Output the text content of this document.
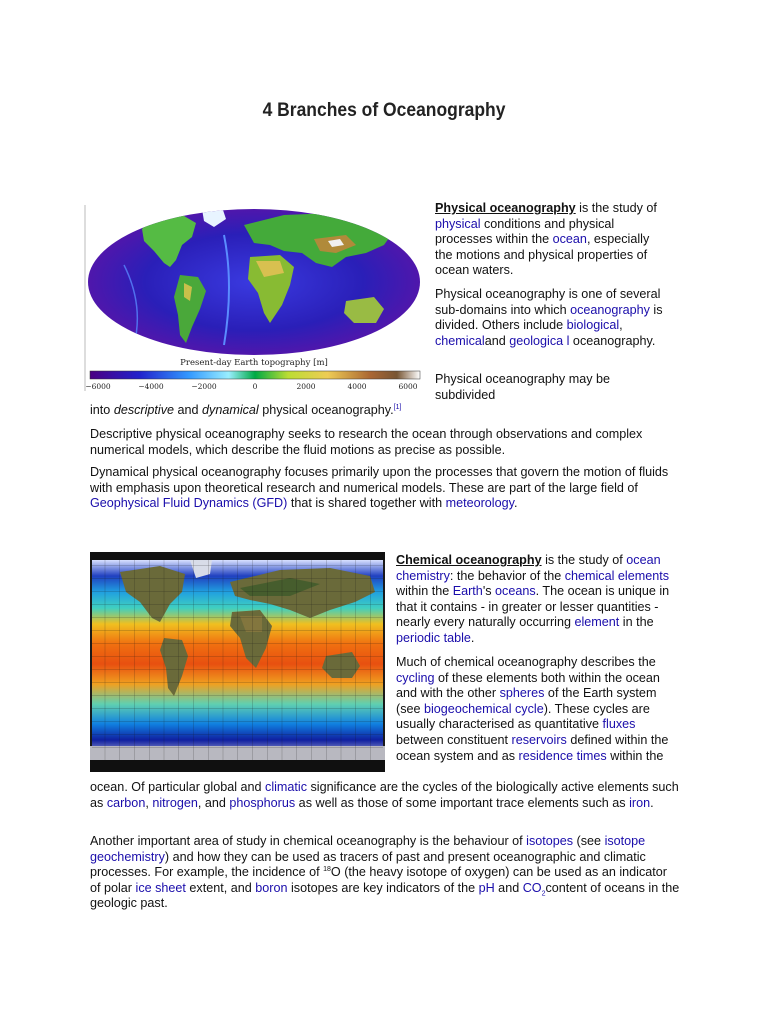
4 Branches of Oceanography
Present-day Earth topography [m]
−6000	−4000	−2000	0	2000	4000	6000

Physical oceanography is the study of physical conditions and physical processes within the ocean, especially the motions and physical properties of ocean waters.

Physical oceanography is one of several sub-domains into which oceanography is divided. Others include biological, chemicaland geologica l oceanography.

Physical oceanography may be subdivided

into descriptive and dynamical physical oceanography.[1]

Descriptive physical oceanography seeks to research the ocean through observations and complex numerical models, which describe the fluid motions as precise as possible.

Dynamical physical oceanography focuses primarily upon the processes that govern the motion of fluids with emphasis upon theoretical research and numerical models. These are part of the large field of Geophysical Fluid Dynamics (GFD) that is shared together with meteorology.

Chemical oceanography is the study of ocean chemistry: the behavior of the chemical elements within the Earth's oceans. The ocean is unique in that it contains - in greater or lesser quantities - nearly every naturally occurring element in the periodic table.

Much of chemical oceanography describes the cycling of these elements both within the ocean and with the other spheres of the Earth system (see biogeochemical cycle). These cycles are usually characterised as quantitative fluxes between constituent reservoirs defined within the ocean system and as residence times within the

ocean. Of particular global and climatic significance are the cycles of the biologically active elements such as carbon, nitrogen, and phosphorus as well as those of some important trace elements such as iron.

Another important area of study in chemical oceanography is the behaviour of isotopes (see isotope geochemistry) and how they can be used as tracers of past and present oceanographic and climatic processes. For example, the incidence of $^{18}$O (the heavy isotope of oxygen) can be used as an indicator of polar ice sheet extent, and boron isotopes are key indicators of the pH and $CO_2content$ of oceans in the geologic past.
